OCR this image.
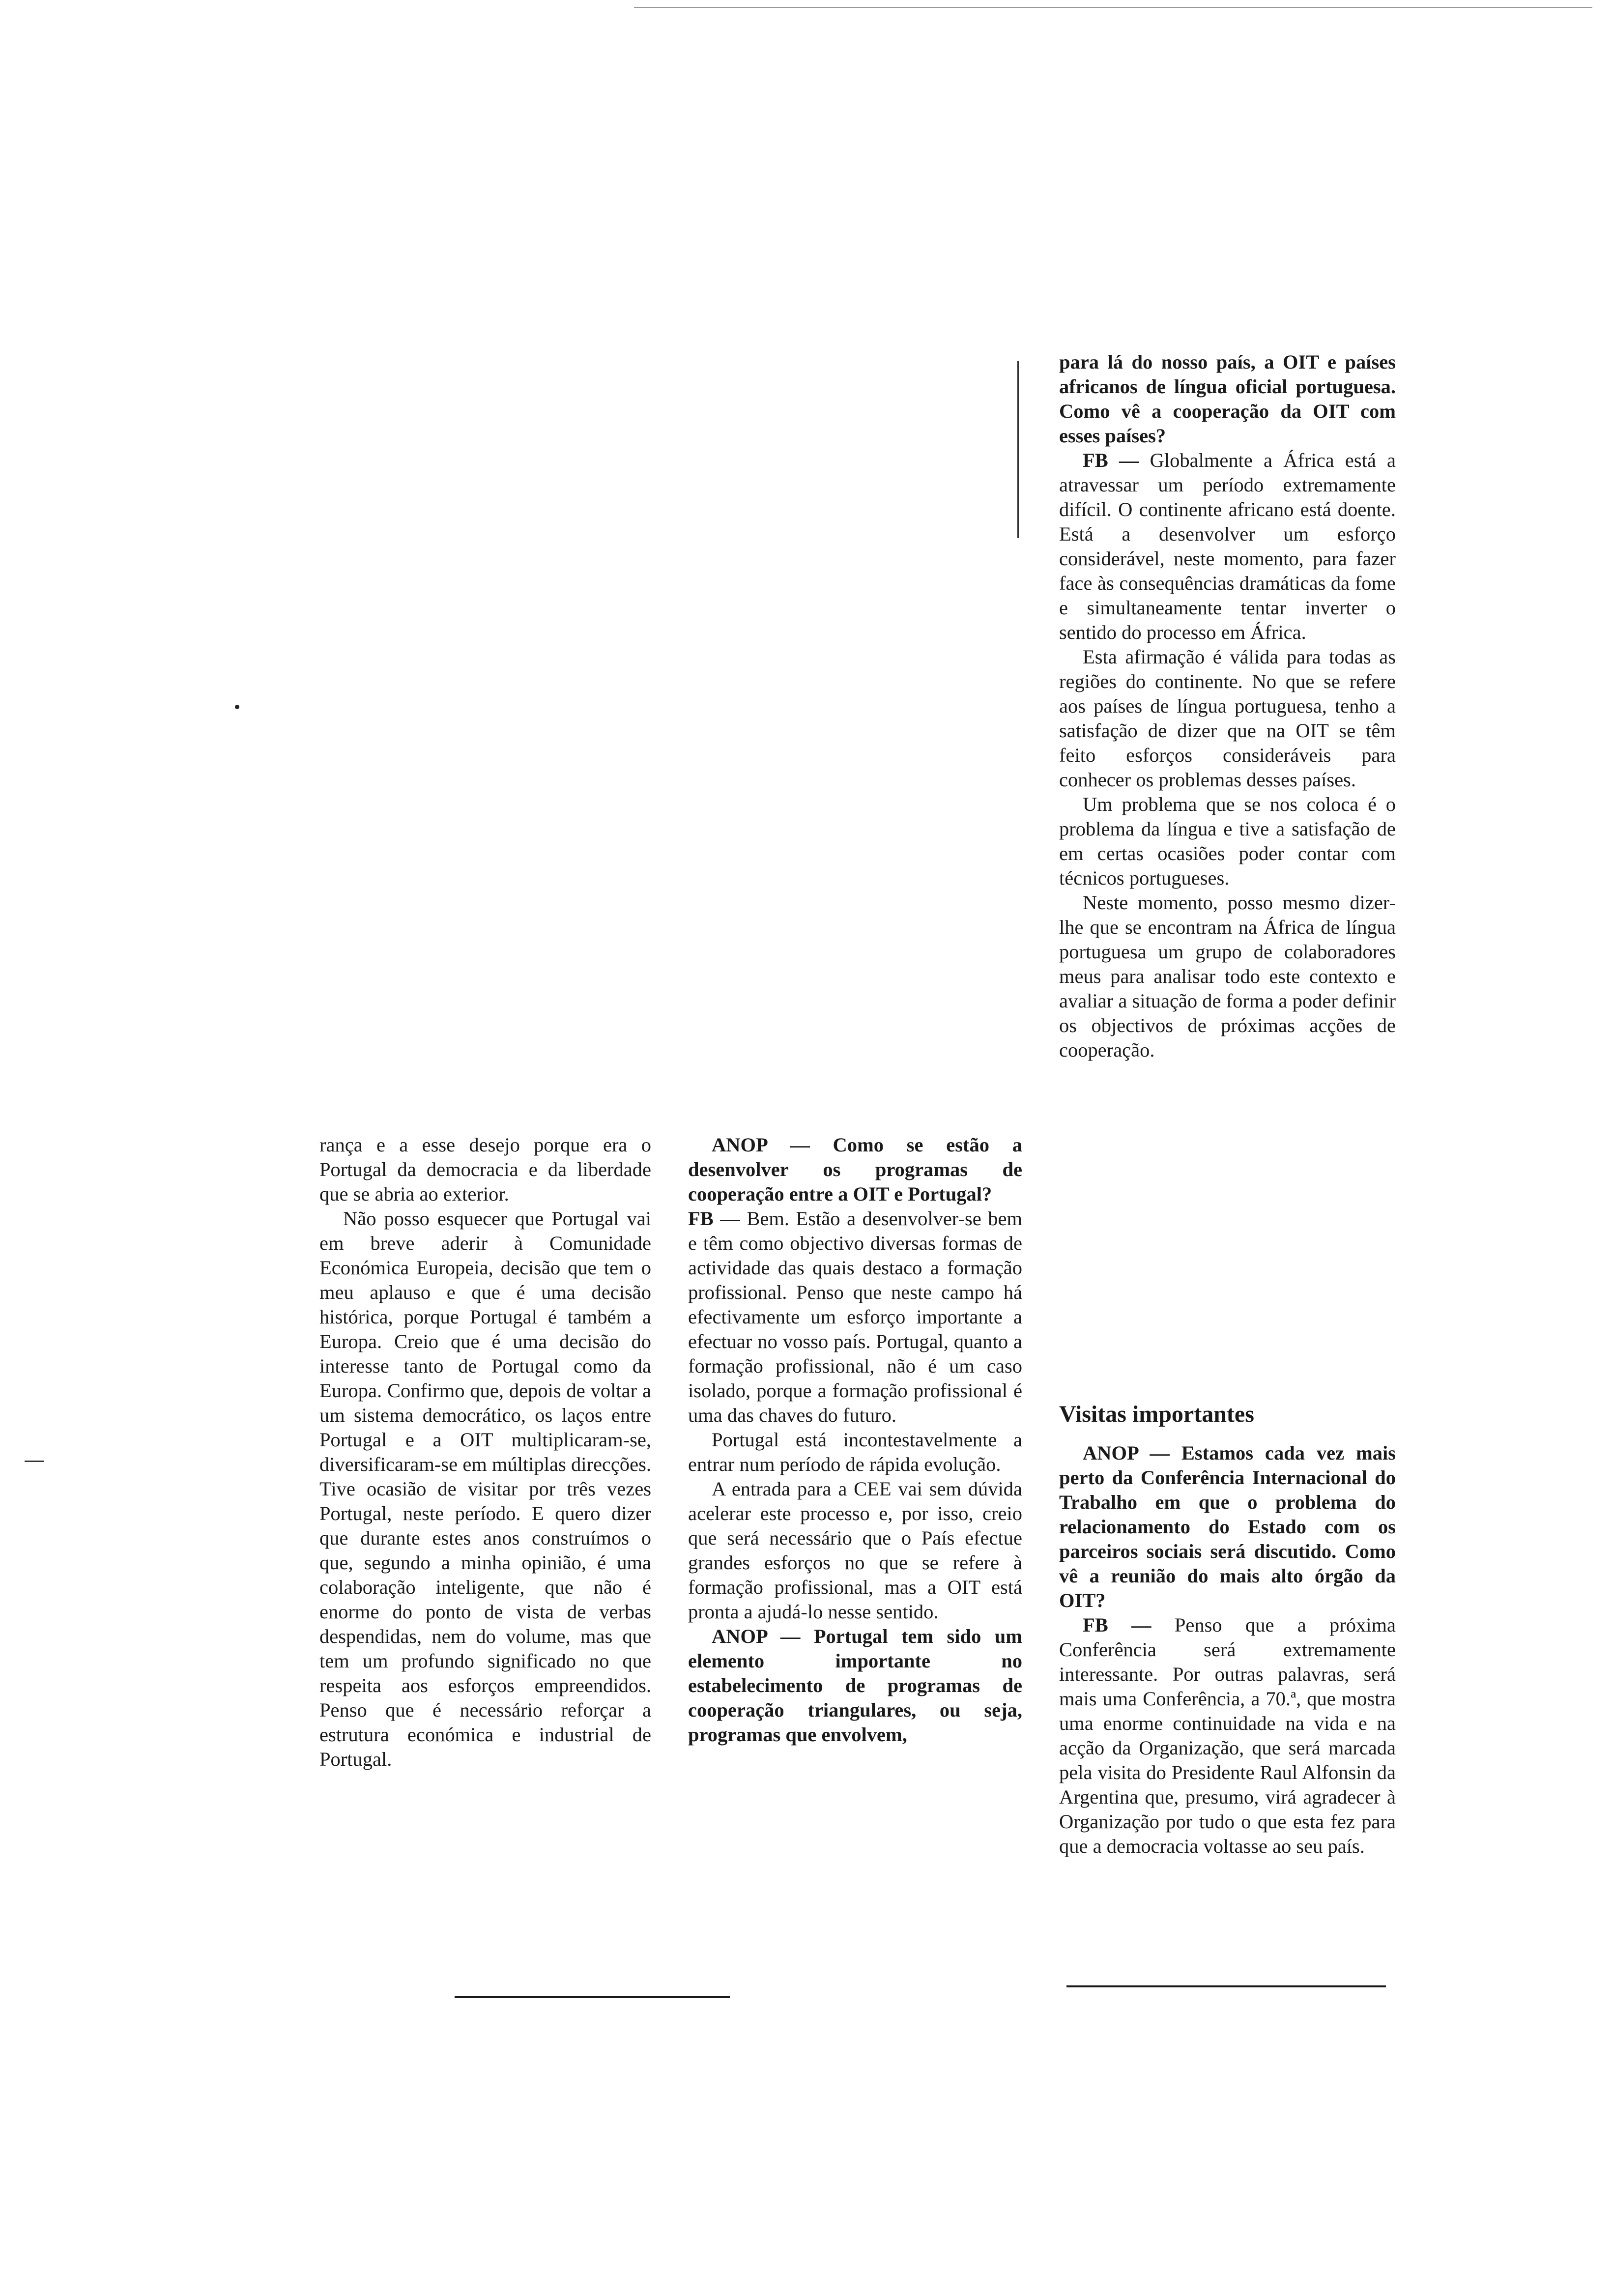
rança e a esse desejo porque era o Portugal da democracia e da liberdade que se abria ao exterior.

Não posso esquecer que Portugal vai em breve aderir à Comunidade Económica Europeia, decisão que tem o meu aplauso e que é uma decisão histórica, porque Portugal é também a Europa. Creio que é uma decisão do interesse tanto de Portugal como da Europa. Confirmo que, depois de voltar a um sistema democrático, os laços entre Portugal e a OIT multiplicaram-se, diversificaram-se em múltiplas direcções. Tive ocasião de visitar por três vezes Portugal, neste período. E quero dizer que durante estes anos construímos o que, segundo a minha opinião, é uma colaboração inteligente, que não é enorme do ponto de vista de verbas despendidas, nem do volume, mas que tem um profundo significado no que respeita aos esforços empreendidos. Penso que é necessário reforçar a estrutura económica e industrial de Portugal.

ANOP — Como se estão a desenvolver os programas de cooperação entre a OIT e Portugal?

FB — Bem. Estão a desenvolver-se bem e têm como objectivo diversas formas de actividade das quais destaco a formação profissional. Penso que neste campo há efectivamente um esforço importante a efectuar no vosso país. Portugal, quanto a formação profissional, não é um caso isolado, porque a formação profissional é uma das chaves do futuro.

Portugal está incontestavelmente a entrar num período de rápida evolução.

A entrada para a CEE vai sem dúvida acelerar este processo e, por isso, creio que será necessário que o País efectue grandes esforços no que se refere à formação profissional, mas a OIT está pronta a ajudá-lo nesse sentido.

ANOP — Portugal tem sido um elemento importante no estabelecimento de programas de cooperação triangulares, ou seja, programas que envolvem,

para lá do nosso país, a OIT e países africanos de língua oficial portuguesa. Como vê a cooperação da OIT com esses países?

FB — Globalmente a África está a atravessar um período extremamente difícil. O continente africano está doente. Está a desenvolver um esforço considerável, neste momento, para fazer face às consequências dramáticas da fome e simultaneamente tentar inverter o sentido do processo em África.

Esta afirmação é válida para todas as regiões do continente. No que se refere aos países de língua portuguesa, tenho a satisfação de dizer que na OIT se têm feito esforços consideráveis para conhecer os problemas desses países.

Um problema que se nos coloca é o problema da língua e tive a satisfação de em certas ocasiões poder contar com técnicos portugueses.

Neste momento, posso mesmo dizer-lhe que se encontram na África de língua portuguesa um grupo de colaboradores meus para analisar todo este contexto e avaliar a situação de forma a poder definir os objectivos de próximas acções de cooperação.

Visitas importantes

ANOP — Estamos cada vez mais perto da Conferência Internacional do Trabalho em que o problema do relacionamento do Estado com os parceiros sociais será discutido. Como vê a reunião do mais alto órgão da OIT?

FB — Penso que a próxima Conferência será extremamente interessante. Por outras palavras, será mais uma Conferência, a 70.ª, que mostra uma enorme continuidade na vida e na acção da Organização, que será marcada pela visita do Presidente Raul Alfonsin da Argentina que, presumo, virá agradecer à Organização por tudo o que esta fez para que a democracia voltasse ao seu país.
